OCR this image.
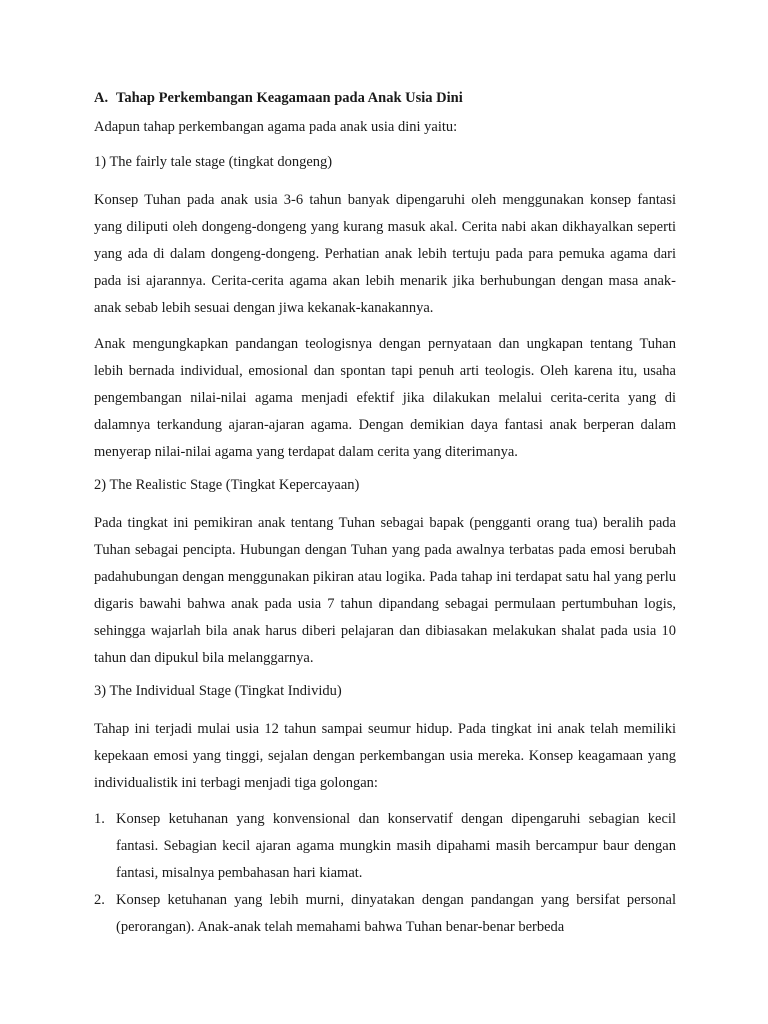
A. Tahap Perkembangan Keagamaan pada Anak Usia Dini

Adapun tahap perkembangan agama pada anak usia dini yaitu:

1) The fairly tale stage (tingkat dongeng)

Konsep Tuhan pada anak usia 3-6 tahun banyak dipengaruhi oleh menggunakan konsep fantasi yang diliputi oleh dongeng-dongeng yang kurang masuk akal. Cerita nabi akan dikhayalkan seperti yang ada di dalam dongeng-dongeng. Perhatian anak lebih tertuju pada para pemuka agama dari pada isi ajarannya. Cerita-cerita agama akan lebih menarik jika berhubungan dengan masa anak-anak sebab lebih sesuai dengan jiwa kekanak-kanakannya.

Anak mengungkapkan pandangan teologisnya dengan pernyataan dan ungkapan tentang Tuhan lebih bernada individual, emosional dan spontan tapi penuh arti teologis. Oleh karena itu, usaha pengembangan nilai-nilai agama menjadi efektif jika dilakukan melalui cerita-cerita yang di dalamnya terkandung ajaran-ajaran agama. Dengan demikian daya fantasi anak berperan dalam menyerap nilai-nilai agama yang terdapat dalam cerita yang diterimanya.

2) The Realistic Stage (Tingkat Kepercayaan)

Pada tingkat ini pemikiran anak tentang Tuhan sebagai bapak (pengganti orang tua) beralih pada Tuhan sebagai pencipta. Hubungan dengan Tuhan yang pada awalnya terbatas pada emosi berubah padahubungan dengan menggunakan pikiran atau logika. Pada tahap ini terdapat satu hal yang perlu digaris bawahi bahwa anak pada usia 7 tahun dipandang sebagai permulaan pertumbuhan logis, sehingga wajarlah bila anak harus diberi pelajaran dan dibiasakan melakukan shalat pada usia 10 tahun dan dipukul bila melanggarnya.

3) The Individual Stage (Tingkat Individu)

Tahap ini terjadi mulai usia 12 tahun sampai seumur hidup. Pada tingkat ini anak telah memiliki kepekaan emosi yang tinggi, sejalan dengan perkembangan usia mereka. Konsep keagamaan yang individualistik ini terbagi menjadi tiga golongan:

1. Konsep ketuhanan yang konvensional dan konservatif dengan dipengaruhi sebagian kecil fantasi. Sebagian kecil ajaran agama mungkin masih dipahami masih bercampur baur dengan fantasi, misalnya pembahasan hari kiamat.
2. Konsep ketuhanan yang lebih murni, dinyatakan dengan pandangan yang bersifat personal (perorangan). Anak-anak telah memahami bahwa Tuhan benar-benar berbeda
